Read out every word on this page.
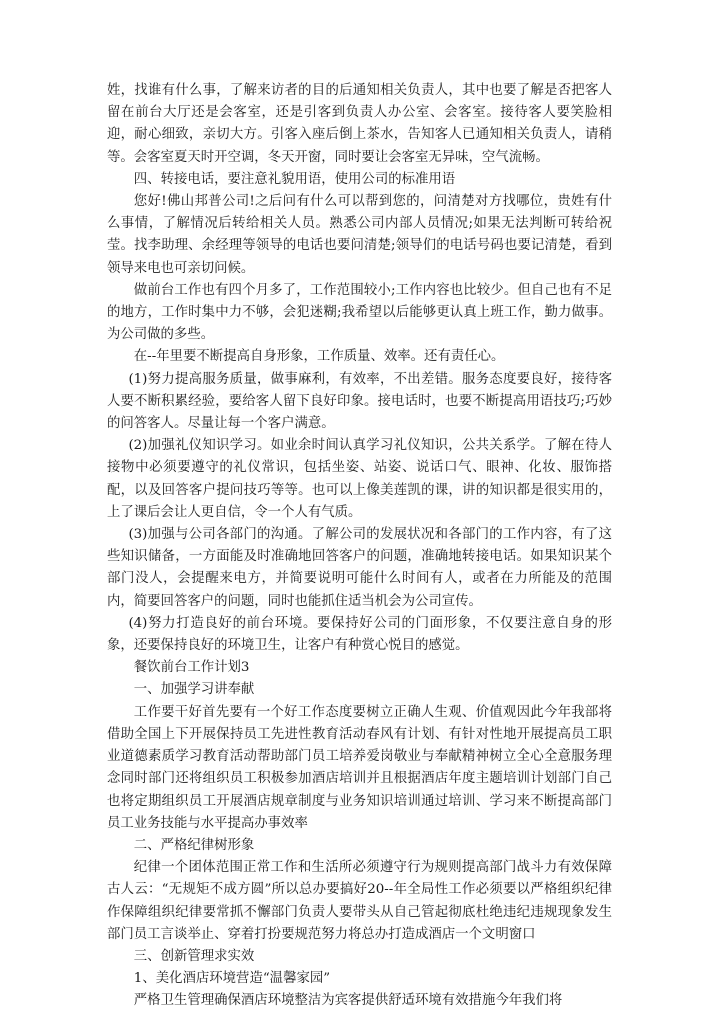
姓，找谁有什么事，了解来访者的目的后通知相关负责人，其中也要了解是否把客人留在前台大厅还是会客室，还是引客到负责人办公室、会客室。接待客人要笑脸相迎，耐心细致，亲切大方。引客入座后倒上茶水，告知客人已通知相关负责人，请稍等。会客室夏天时开空调，冬天开窗，同时要让会客室无异味，空气流畅。

四、转接电话，要注意礼貌用语，使用公司的标准用语

您好!佛山邦普公司!之后问有什么可以帮到您的，问清楚对方找哪位，贵姓有什么事情，了解情况后转给相关人员。熟悉公司内部人员情况;如果无法判断可转给祝莹。找李助理、余经理等领导的电话也要问清楚;领导们的电话号码也要记清楚，看到领导来电也可亲切问候。

做前台工作也有四个月多了，工作范围较小;工作内容也比较少。但自己也有不足的地方，工作时集中力不够，会犯迷糊;我希望以后能够更认真上班工作，勤力做事。为公司做的多些。

在--年里要不断提高自身形象，工作质量、效率。还有责任心。

(1)努力提高服务质量，做事麻利，有效率，不出差错。服务态度要良好，接待客人要不断积累经验，要给客人留下良好印象。接电话时，也要不断提高用语技巧;巧妙的问答客人。尽量让每一个客户满意。

(2)加强礼仪知识学习。如业余时间认真学习礼仪知识，公共关系学。了解在待人接物中必须要遵守的礼仪常识，包括坐姿、站姿、说话口气、眼神、化妆、服饰搭配，以及回答客户提问技巧等等。也可以上像美莲凯的课，讲的知识都是很实用的，上了课后会让人更自信，令一个人有气质。

(3)加强与公司各部门的沟通。了解公司的发展状况和各部门的工作内容，有了这些知识储备，一方面能及时准确地回答客户的问题，准确地转接电话。如果知识某个部门没人，会提醒来电方，并简要说明可能什么时间有人，或者在力所能及的范围内，简要回答客户的问题，同时也能抓住适当机会为公司宣传。

(4)努力打造良好的前台环境。要保持好公司的门面形象，不仅要注意自身的形象，还要保持良好的环境卫生，让客户有种赏心悦目的感觉。

餐饮前台工作计划3

一、加强学习讲奉献

工作要干好首先要有一个好工作态度要树立正确人生观、价值观因此今年我部将借助全国上下开展保持员工先进性教育活动春风有计划、有针对性地开展提高员工职业道德素质学习教育活动帮助部门员工培养爱岗敬业与奉献精神树立全心全意服务理念同时部门还将组织员工积极参加酒店培训并且根据酒店年度主题培训计划部门自己也将定期组织员工开展酒店规章制度与业务知识培训通过培训、学习来不断提高部门员工业务技能与水平提高办事效率

二、严格纪律树形象

纪律一个团体范围正常工作和生活所必须遵守行为规则提高部门战斗力有效保障古人云：“无规矩不成方圆”所以总办要搞好20--年全局性工作必须要以严格组织纪律作保障组织纪律要常抓不懈部门负责人要带头从自己管起彻底杜绝违纪违规现象发生部门员工言谈举止、穿着打扮要规范努力将总办打造成酒店一个文明窗口

三、创新管理求实效

1、美化酒店环境营造“温馨家园”

严格卫生管理确保酒店环境整洁为宾客提供舒适环境有效措施今年我们将
